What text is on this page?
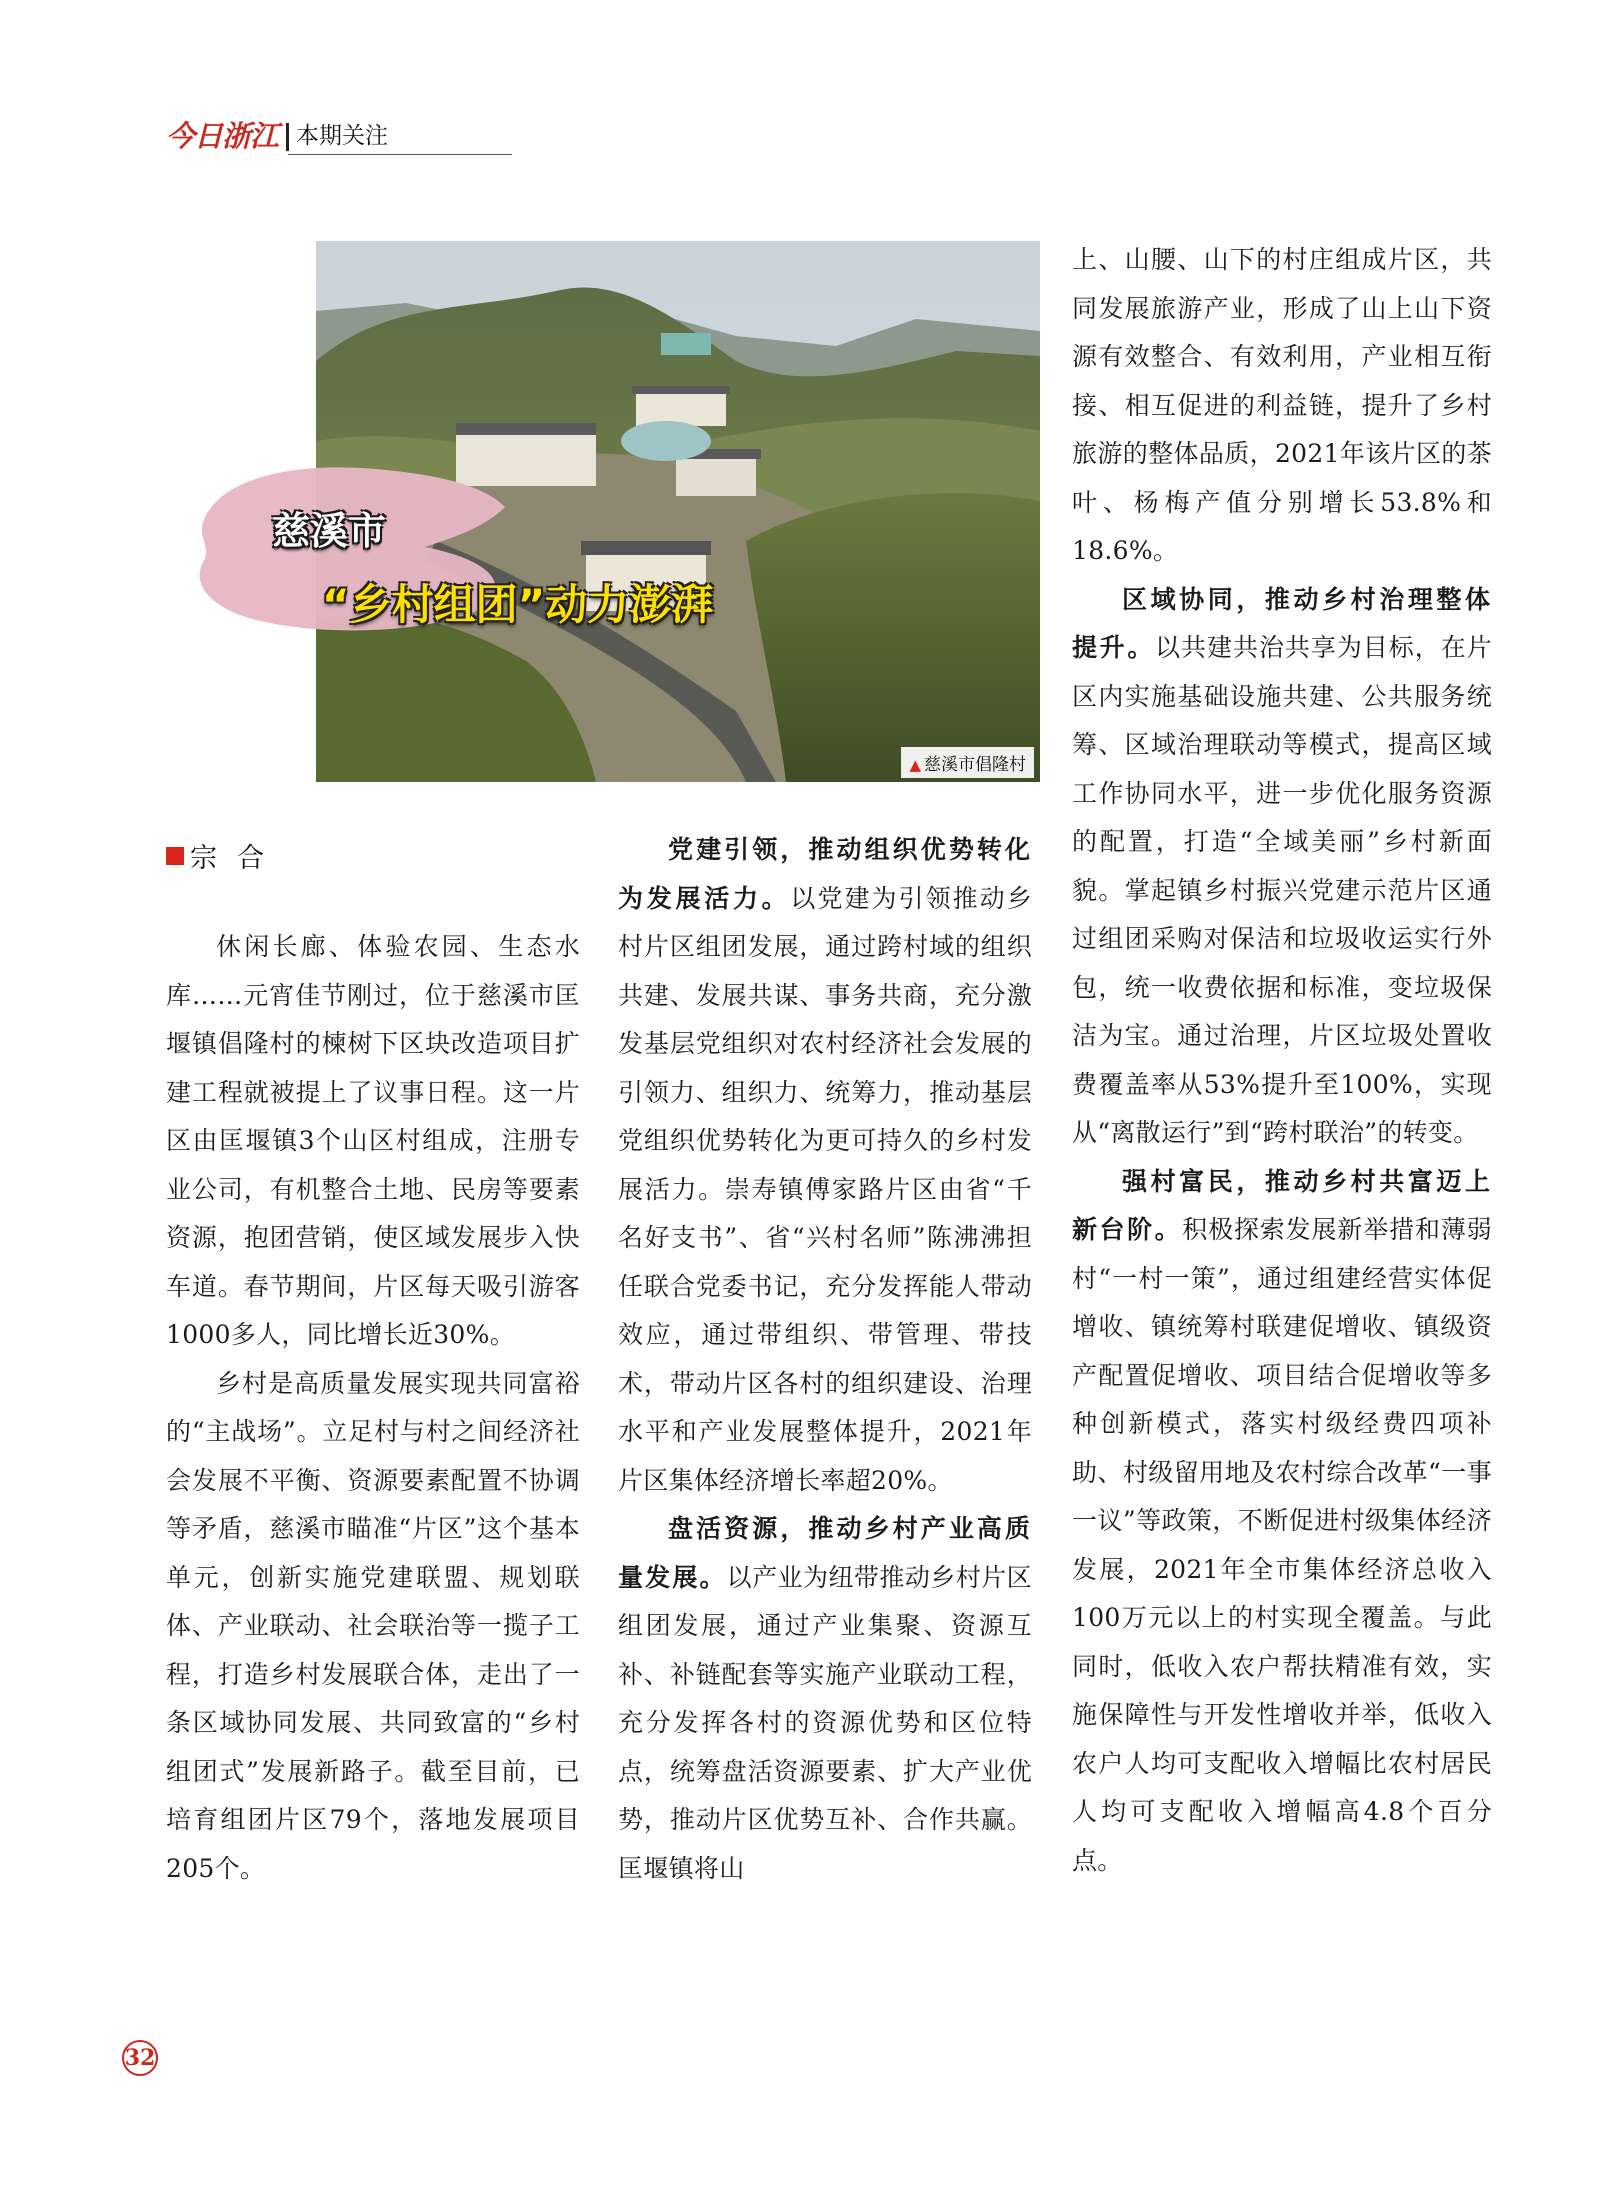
今日浙江 本期关注
▲ 慈溪市倡隆村
慈溪市
“乡村组团”动力澎湃
宗合

休闲长廊、体验农园、生态水库……元宵佳节刚过，位于慈溪市匡堰镇倡隆村的楝树下区块改造项目扩建工程就被提上了议事日程。这一片区由匡堰镇3个山区村组成，注册专业公司，有机整合土地、民房等要素资源，抱团营销，使区域发展步入快车道。春节期间，片区每天吸引游客1000多人，同比增长近30%。

乡村是高质量发展实现共同富裕的“主战场”。立足村与村之间经济社会发展不平衡、资源要素配置不协调等矛盾，慈溪市瞄准“片区”这个基本单元，创新实施党建联盟、规划联体、产业联动、社会联治等一揽子工程，打造乡村发展联合体，走出了一条区域协同发展、共同致富的“乡村组团式”发展新路子。截至目前，已培育组团片区79个，落地发展项目205个。

党建引领，推动组织优势转化为发展活力。以党建为引领推动乡村片区组团发展，通过跨村域的组织共建、发展共谋、事务共商，充分激发基层党组织对农村经济社会发展的引领力、组织力、统筹力，推动基层党组织优势转化为更可持久的乡村发展活力。崇寿镇傅家路片区由省“千名好支书”、省“兴村名师”陈沸沸担任联合党委书记，充分发挥能人带动效应，通过带组织、带管理、带技术，带动片区各村的组织建设、治理水平和产业发展整体提升，2021年片区集体经济增长率超20%。

盘活资源，推动乡村产业高质量发展。以产业为纽带推动乡村片区组团发展，通过产业集聚、资源互补、补链配套等实施产业联动工程，充分发挥各村的资源优势和区位特点，统筹盘活资源要素、扩大产业优势，推动片区优势互补、合作共赢。匡堰镇将山

上、山腰、山下的村庄组成片区，共同发展旅游产业，形成了山上山下资源有效整合、有效利用，产业相互衔接、相互促进的利益链，提升了乡村旅游的整体品质，2021年该片区的茶叶、杨梅产值分别增长53.8%和18.6%。

区域协同，推动乡村治理整体提升。以共建共治共享为目标，在片区内实施基础设施共建、公共服务统筹、区域治理联动等模式，提高区域工作协同水平，进一步优化服务资源的配置，打造“全域美丽”乡村新面貌。掌起镇乡村振兴党建示范片区通过组团采购对保洁和垃圾收运实行外包，统一收费依据和标准，变垃圾保洁为宝。通过治理，片区垃圾处置收费覆盖率从53%提升至100%，实现从“离散运行”到“跨村联治”的转变。

强村富民，推动乡村共富迈上新台阶。积极探索发展新举措和薄弱村“一村一策”，通过组建经营实体促增收、镇统筹村联建促增收、镇级资产配置促增收、项目结合促增收等多种创新模式，落实村级经费四项补助、村级留用地及农村综合改革“一事一议”等政策，不断促进村级集体经济发展，2021年全市集体经济总收入100万元以上的村实现全覆盖。与此同时，低收入农户帮扶精准有效，实施保障性与开发性增收并举，低收入农户人均可支配收入增幅比农村居民人均可支配收入增幅高4.8个百分点。

32
